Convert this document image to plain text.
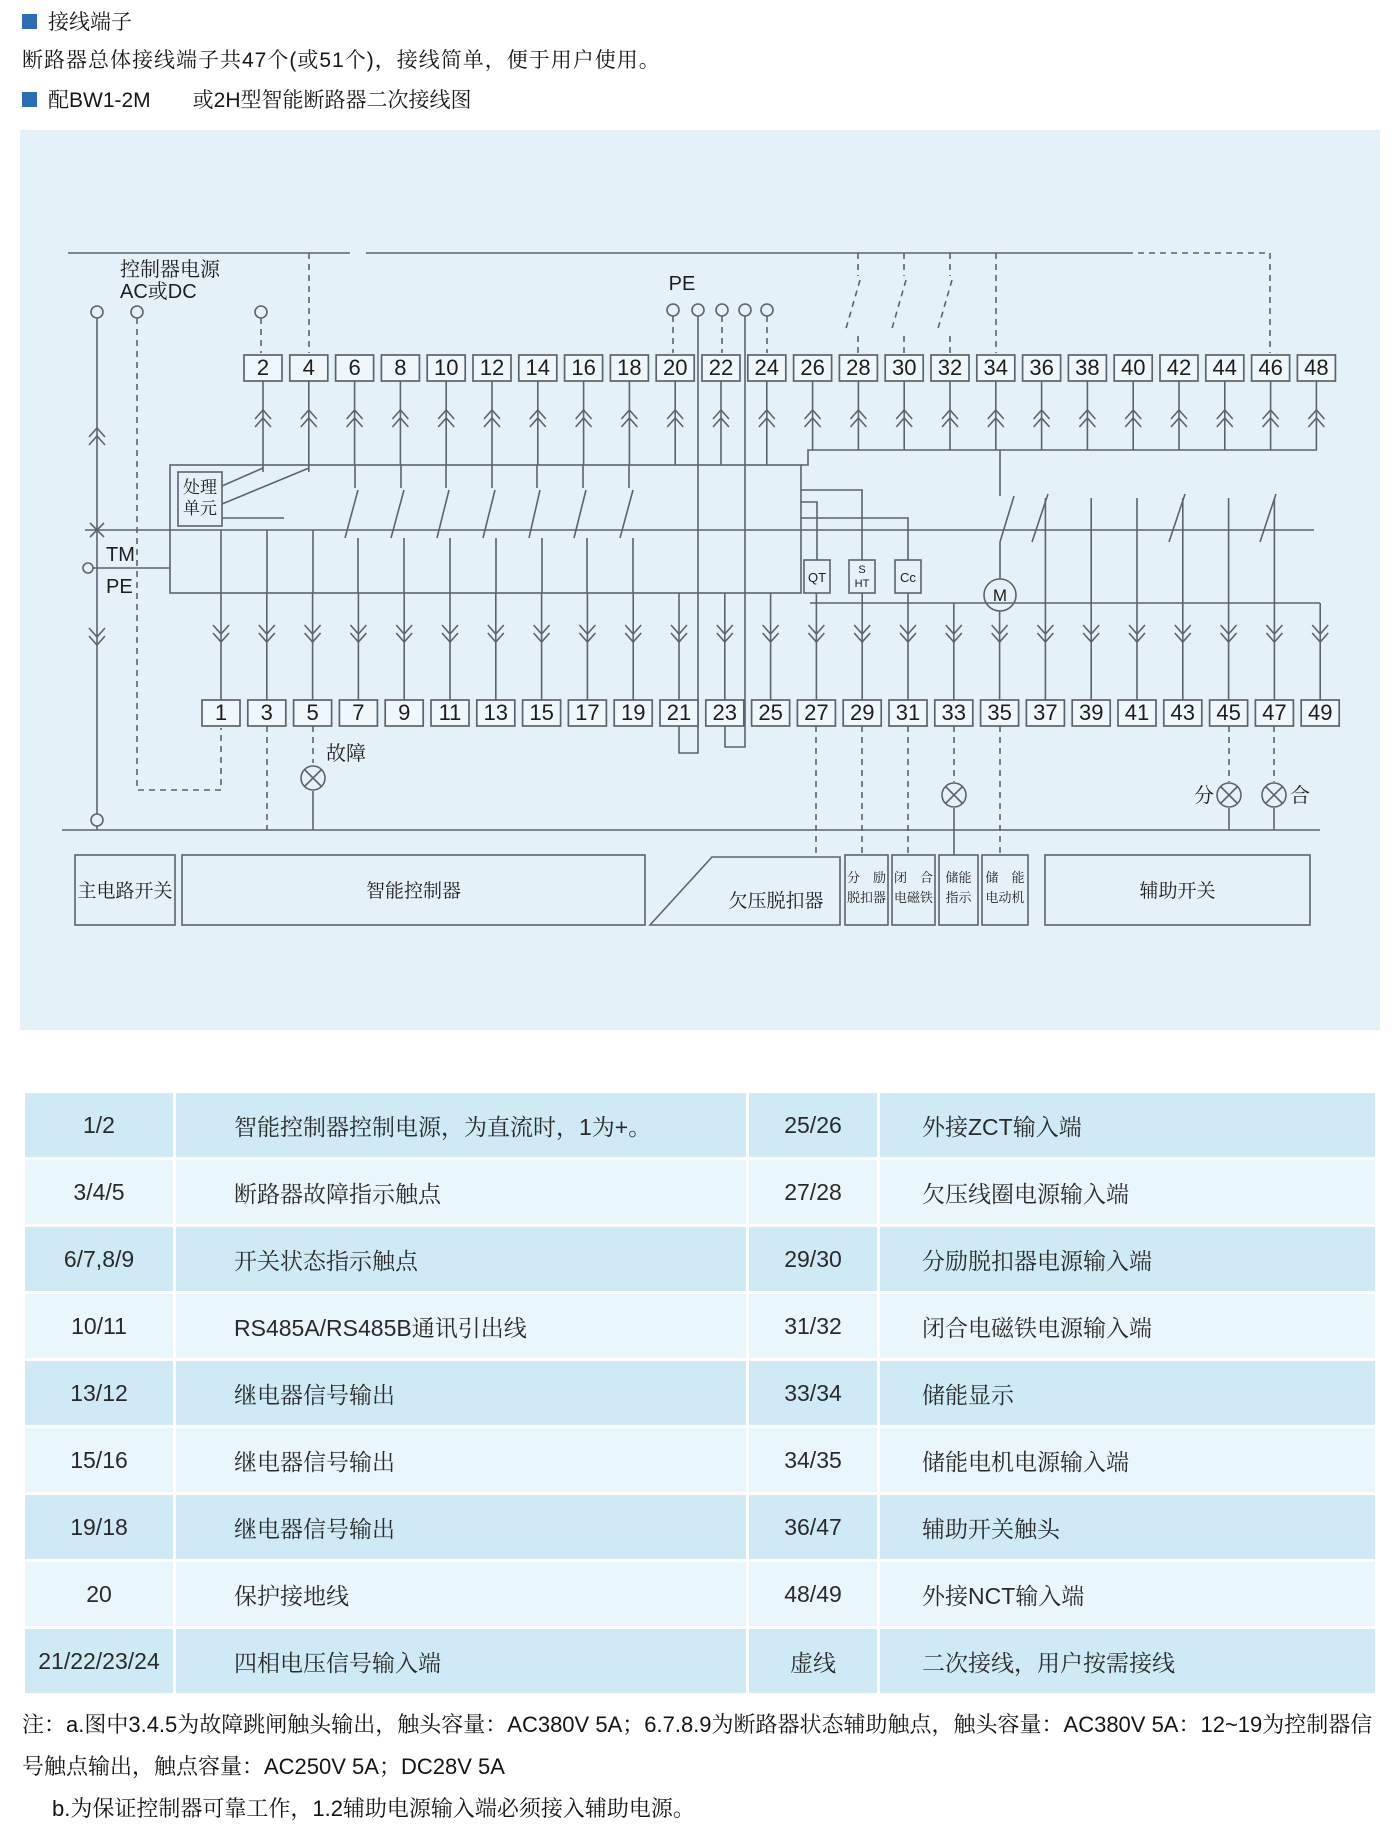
接线端子
断路器总体接线端子共47个(或51个)，接线简单，便于用户使用。
配BW1-2M　　或2H型智能断路器二次接线图
控制器电源
AC或DC	PE
TM
PE
处理
单元
QT	S
HT Cc
M
故障
分	合
2 4 6 8 10 12 14 16 18 20 22 24 26 28 30 32 34 36 38 40 42 44 46 48
1 3 5 7 9 11 13 15 17 19 21 23 25 27 29 31 33 35 37 39 41 43 45 47 49
主电路开关	智能控制器	欠压脱扣器
分　励
脱扣器
闭　合
电磁铁
储能
指示
储　能
电动机	辅助开关
1/2	智能控制器控制电源，为直流时，1为+。	25/26	外接ZCT输入端
3/4/5	断路器故障指示触点	27/28	欠压线圈电源输入端
6/7,8/9	开关状态指示触点	29/30	分励脱扣器电源输入端
10/11	RS485A/RS485B通讯引出线	31/32	闭合电磁铁电源输入端
13/12	继电器信号输出	33/34	储能显示
15/16	继电器信号输出	34/35	储能电机电源输入端
19/18	继电器信号输出	36/47	辅助开关触头
20	保护接地线	48/49	外接NCT输入端
21/22/23/24	四相电压信号输入端	虚线	二次接线，用户按需接线
注：a.图中3.4.5为故障跳闸触头输出，触头容量：AC380V 5A；6.7.8.9为断路器状态辅助触点，触头容量：AC380V 5A：12~19为控制器信
号触点输出，触点容量：AC250V 5A；DC28V 5A
b.为保证控制器可靠工作，1.2辅助电源输入端必须接入辅助电源。
